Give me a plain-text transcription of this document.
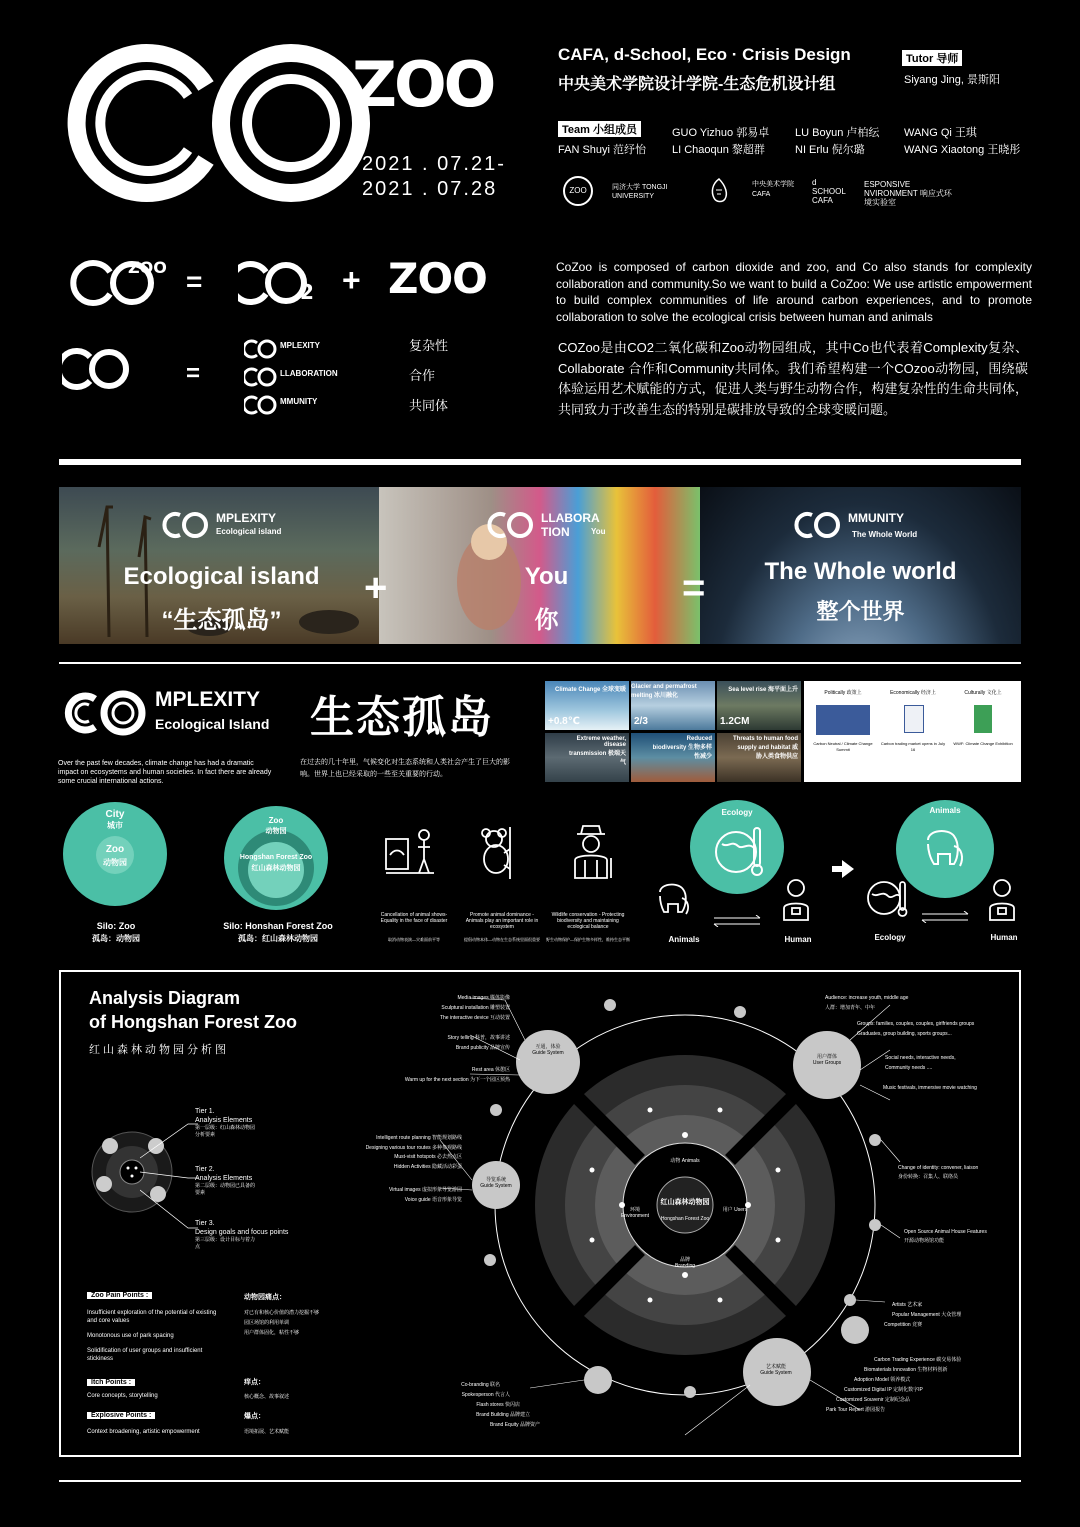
ZOO
2021 . 07.21-
2021 . 07.28
CAFA, d-School, Eco · Crisis Design
中央美术学院设计学院-生态危机设计组
Tutor 导师
Siyang Jing, 景斯阳
Team 小组成员
FAN Shuyi 范纾怡
GUO Yizhuo 郭易卓
LI Chaoqun 黎超群
LU Boyun 卢柏纭
NI Erlu 倪尔璐
WANG Qi 王琪
WANG Xiaotong 王晓彤
ZOO	同济大学 TONGJI UNIVERSITY
中央美术学院 CAFA
d SCHOOL CAFA
ESPONSIVE NVIRONMENT 响应式环境实验室
ZOO =	2 + ZOO
=
MPLEXITY
LLABORATION
MMUNITY
复杂性
合作
共同体
CoZoo is composed of carbon dioxide and zoo, and Co also stands for complexity collaboration and community.So we want to build a CoZoo: We use artistic empowerment to build complex communities of life around carbon experiences, and to promote collaboration to solve the ecological crisis between human and animals
COZoo是由CO2二氧化碳和Zoo动物园组成，其中Co也代表着Complexity复杂、Collaborate 合作和Community共同体。我们希望构建一个COzoo动物园，围绕碳体验运用艺术赋能的方式，促进人类与野生动物合作，构建复杂性的生命共同体，共同致力于改善生态的特别是碳排放导致的全球变暖问题。
MPLEXITY
Ecological island
Ecological island
“生态孤岛”
+
LLABORA TION	You
You
你
=
MMUNITY
The Whole World
The Whole world
整个世界
MPLEXITY
Ecological Island 生态孤岛
Over the past few decades, climate change has had a dramatic impact on ecosystems and human societies. In fact there are already some crucial international actions.
在过去的几十年里，气候变化对生态系统和人类社会产生了巨大的影响。世界上也已经采取的一些至关重要的行动。
Climate Change 全球变暖
+0.8℃
Glacier and permafrost melting 冰川融化
2/3
Sea level rise 海平面上升
1.2CM
Extreme weather, disease transmission 极端天气
Reduced biodiversity 生物多样性减少
Threats to human food supply and habitat 威胁人类食物供应
Politically 政策上
Carbon Neutral / Climate Change Summit
Economically 经济上
Carbon trading market opens in July 16
Culturally 文化上
WWF: Climate Change Exhibition
City
城市
Zoo
动物园
Silo: Zoo
孤岛：动物园
Zoo
动物园
Hongshan Forest Zoo
红山森林动物园
Silo: Honshan Forest Zoo
孤岛：红山森林动物园
Cancellation of animal shows-Equality in the face of disaster
取消动物表演—灾难面前平等
Promote animal dominance - Animals play an important role in ecosystem
提倡动物本体—动物在生态系统里面很重要
Wildlife conservation - Protecting biodiversity and maintaining ecological balance
野生动物保护—保护生物多样性，维持生态平衡
Ecology
Animals	Human
Animals
Ecology	Human
Analysis Diagram
of Hongshan Forest Zoo
红山森林动物园分析图
Tier 1.
Analysis Elements
第一层级：红山森林动物园分析要素
Tier 2.
Analysis Elements
第二层级：动物园已具备的要素
Tier 3.
Design goals and focus points
第三层级：设计目标与着力点
Zoo Pain Points :	动物园痛点：
Insufficient exploration of the potential of existing and core values
Monotonous use of park spacing
Solidification of user groups and insufficient stickiness
对已有和核心价值的潜力挖掘不够
园区场馆的利用单调
用户群体固化，粘性不够
Itch Points :	痒点：
Core concepts, storytelling	核心概念、故事叙述
Explosive Points :	爆点：
Context broadening, artistic empowerment	语境拓展、艺术赋能
红山森林动物园
Hongshan Forest Zoo
动物 Animals
环境 Environment
用户 Users
品牌 Branding
互通，体验
Guide System
用户群体
User Groups
导览系统
Guide System
艺术赋能
Guide System
Media images 媒体影像
Sculptural installation 雕塑装置
The interactive device 互动装置
Story telling 科普，故事讲述
Brand publicity 品牌宣传
Rest area 休憩区
Warm up for the next section 为下一个园区预热
Intelligent route planning 智能规划路线
Designing various tour routes 多种参观路线
Must-visit hotspots 必去热点区
Hidden Activities 隐藏活动彩蛋
Virtual images 虚拟形象导览游园
Voice guide 语音形象导览
Audience: increase youth, middle age
人群：增加青年、中年
Groups: families, couples, couples, girlfriends groups
Graduates, group building, sports groups...
Social needs, interactive needs,
Community needs ....
Music festivals, immersive movie watching
Change of identity: convener, liaison
身份转换：召集人、联络员
Open Source Animal House Features
开源动物场馆功能
Artists 艺术家
Popular Management 大众管理
Competition 竞赛
Carbon Trading Experience 碳交易体验
Biomaterials Innovation 生物材料创新
Adoption Model 领养模式
Customized Digital IP 定制化数字IP
Customized Souvenir 定制纪念品
Park Tour Report 游园报告
Co-branding 联名
Spokesperson 代言人
Flash stores 快闪店
Brand Building 品牌建立
Brand Equity 品牌资产
